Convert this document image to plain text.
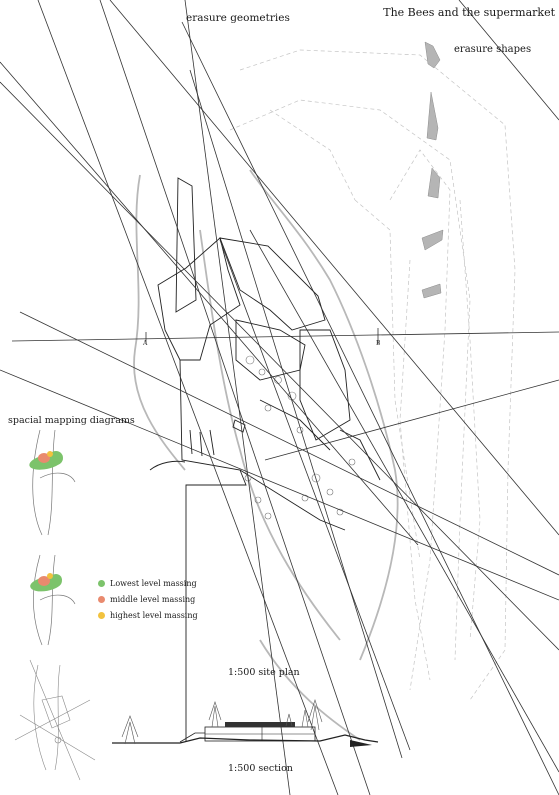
The Bees and the supermarket
erasure geometries
erasure shapes
A	B
spacial mapping diagrams
Lowest level massing
middle level massing
highest level massing
1:500 site plan
1:500 section
